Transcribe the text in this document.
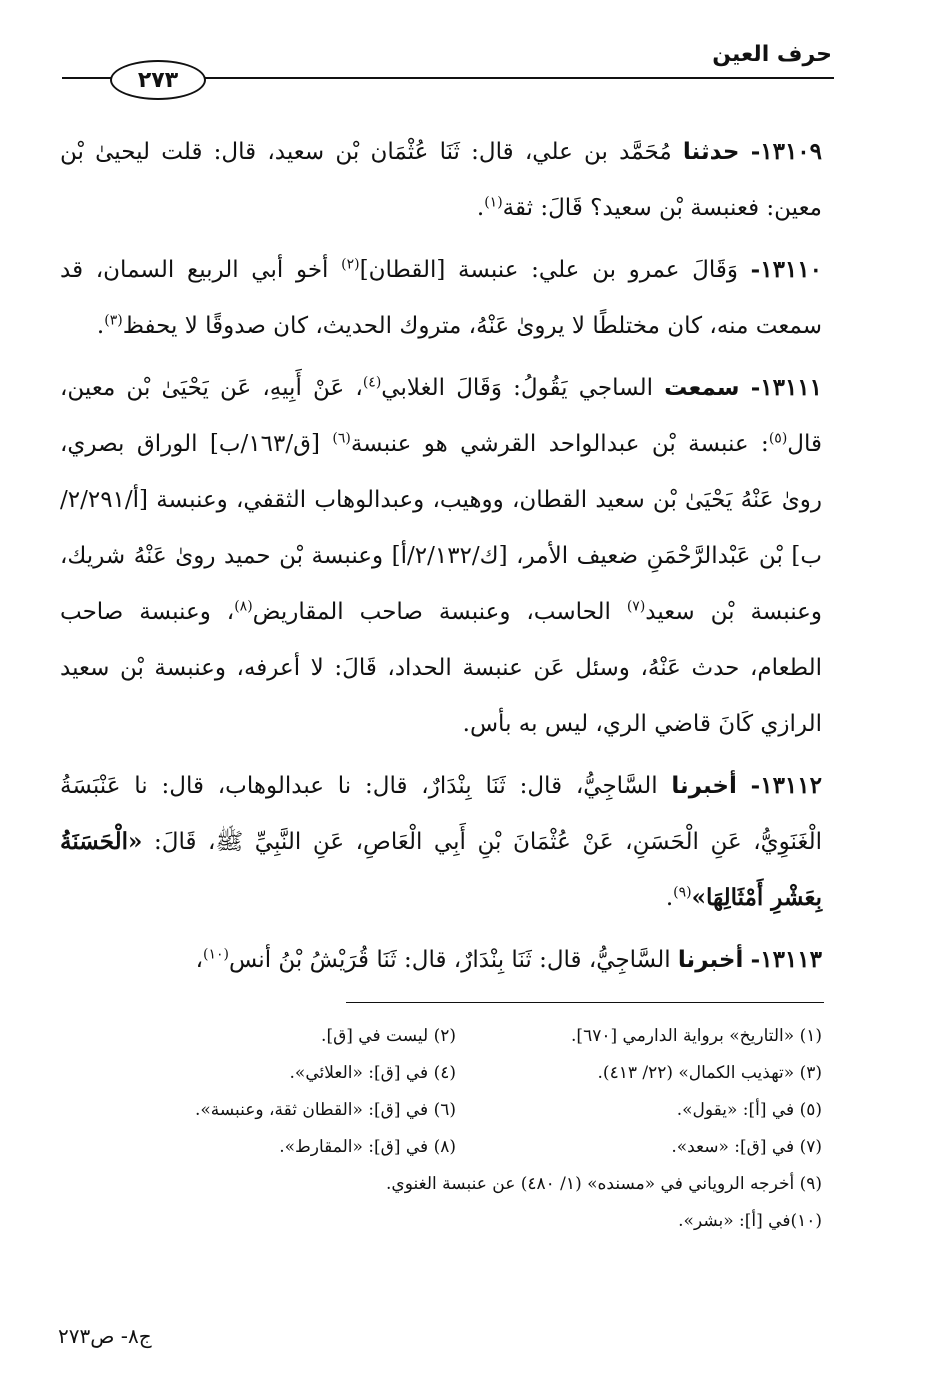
حرف العين
٢٧٣

١٣١٠٩- حدثنا مُحَمَّد بن علي، قال: ثَنَا عُثْمَان بْن سعيد، قال: قلت ليحيىٰ بْن معين: فعنبسة بْن سعيد؟ قَالَ: ثقة$^{(١)}$.

١٣١١٠- وَقَالَ عمرو بن علي: عنبسة [القطان]$^{(٢)}$ أخو أبي الربيع السمان، قد سمعت منه، كان مختلطًا لا يروىٰ عَنْهُ، متروك الحديث، كان صدوقًا لا يحفظ$^{(٣)}$.

١٣١١١- سمعت الساجي يَقُولُ: وَقَالَ الغلابي$^{(٤)}$، عَنْ أَبِيهِ، عَن يَحْيَىٰ بْن معين، قال$^{(٥)}$: عنبسة بْن عبدالواحد القرشي هو عنبسة$^{(٦)}$ [ق/١٦٣/ب] الوراق بصري، روىٰ عَنْهُ يَحْيَىٰ بْن سعيد القطان، ووهيب، وعبدالوهاب الثقفي، وعنبسة [أ/٢/٢٩١/ب] بْن عَبْدالرَّحْمَنِ ضعيف الأمر، [ك/٢/١٣٢/أ] وعنبسة بْن حميد روىٰ عَنْهُ شريك، وعنبسة بْن سعيد$^{(٧)}$ الحاسب، وعنبسة صاحب المقاريض$^{(٨)}$، وعنبسة صاحب الطعام، حدث عَنْهُ، وسئل عَن عنبسة الحداد، قَالَ: لا أعرفه، وعنبسة بْن سعيد الرازي كَانَ قاضي الري، ليس به بأس.

١٣١١٢- أخبرنا السَّاجِيُّ، قال: ثَنَا بِنْدَارٌ، قال: نا عبدالوهاب، قال: نا عَنْبَسَةُ الْغَنَوِيُّ، عَنِ الْحَسَنِ، عَنْ عُثْمَانَ بْنِ أَبِي الْعَاصِ، عَنِ النَّبِيِّ ﷺ، قَالَ: «الْحَسَنَةُ بِعَشْرِ أَمْثَالِهَا»$^{(٩)}$.

١٣١١٣- أخبرنا السَّاجِيُّ، قال: ثَنَا بِنْدَارٌ، قال: ثَنَا قُرَيْشُ بْنُ أنس$^{(١٠)}$،

(١) «التاريخ» برواية الدارمي [٦٧٠].
(٢) ليست في [ق].
(٣) «تهذيب الكمال» (٢٢/ ٤١٣).
(٤) في [ق]: «العلائي».
(٥) في [أ]: «يقول».
(٦) في [ق]: «القطان ثقة، وعنبسة».
(٧) في [ق]: «سعد».
(٨) في [ق]: «المقارط».
(٩) أخرجه الروياني في «مسنده» (١/ ٤٨٠) عن عنبسة الغنوي.
(١٠)في [أ]: «بشر».
ج٨- ص٢٧٣
